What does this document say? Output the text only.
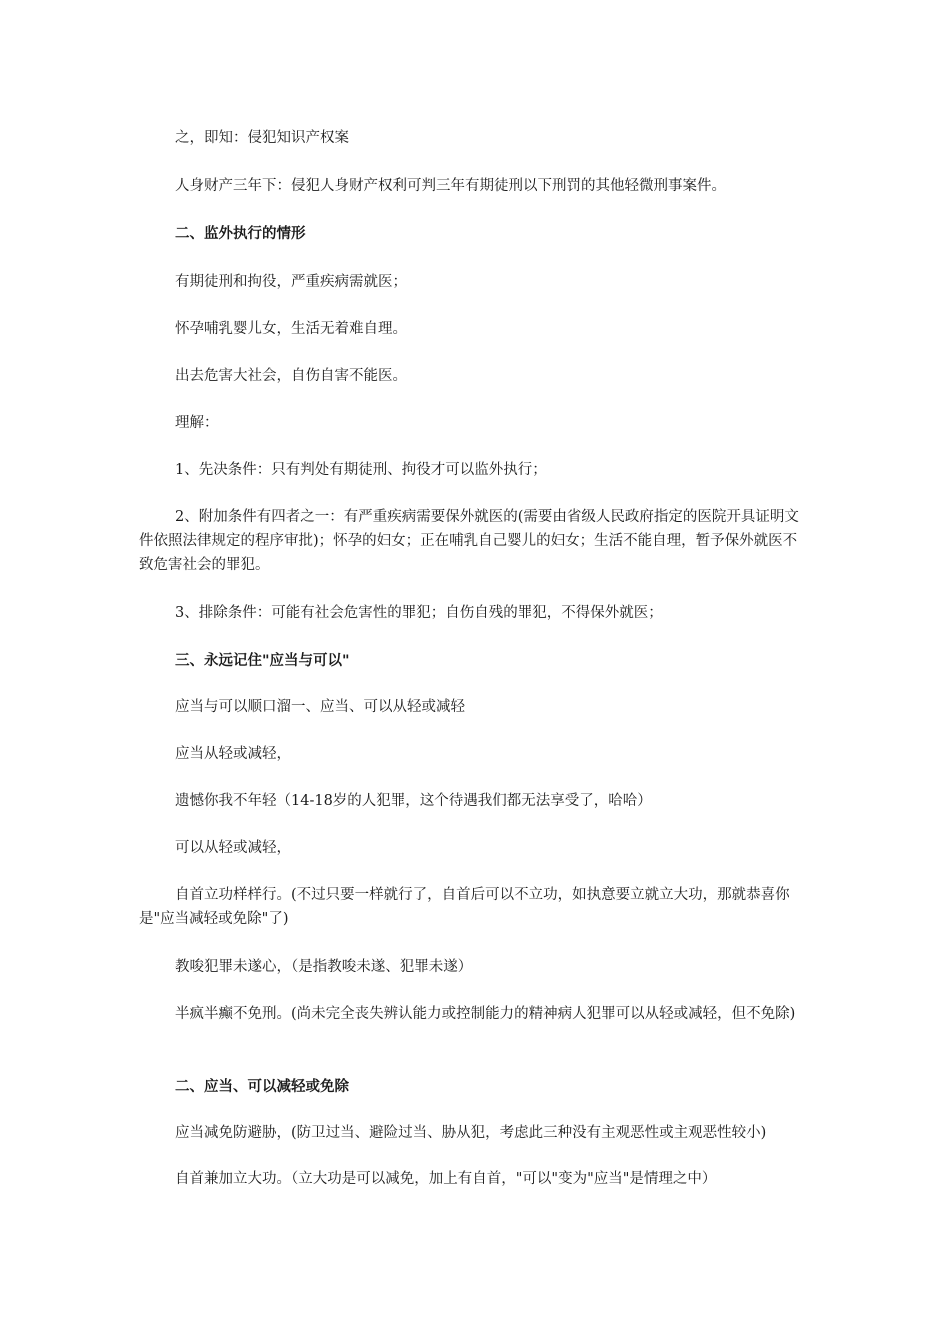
之，即知：侵犯知识产权案

人身财产三年下：侵犯人身财产权利可判三年有期徒刑以下刑罚的其他轻微刑事案件。

二、监外执行的情形

有期徒刑和拘役，严重疾病需就医；

怀孕哺乳婴儿女，生活无着难自理。

出去危害大社会，自伤自害不能医。

理解：

1、先决条件：只有判处有期徒刑、拘役才可以监外执行；

2、附加条件有四者之一：有严重疾病需要保外就医的(需要由省级人民政府指定的医院开具证明文件依照法律规定的程序审批)；怀孕的妇女；正在哺乳自己婴儿的妇女；生活不能自理，暂予保外就医不致危害社会的罪犯。

3、排除条件：可能有社会危害性的罪犯；自伤自残的罪犯，不得保外就医；

三、永远记住"应当与可以"

应当与可以顺口溜一、应当、可以从轻或减轻

应当从轻或减轻，

遗憾你我不年轻（14-18岁的人犯罪，这个待遇我们都无法享受了，哈哈）

可以从轻或减轻，

自首立功样样行。(不过只要一样就行了，自首后可以不立功，如执意要立就立大功，那就恭喜你是"应当减轻或免除"了)

教唆犯罪未遂心，（是指教唆未遂、犯罪未遂）

半疯半癫不免刑。(尚未完全丧失辨认能力或控制能力的精神病人犯罪可以从轻或减轻，但不免除)

二、应当、可以减轻或免除

应当减免防避胁，(防卫过当、避险过当、胁从犯，考虑此三种没有主观恶性或主观恶性较小)

自首兼加立大功。（立大功是可以减免，加上有自首，"可以"变为"应当"是情理之中）
